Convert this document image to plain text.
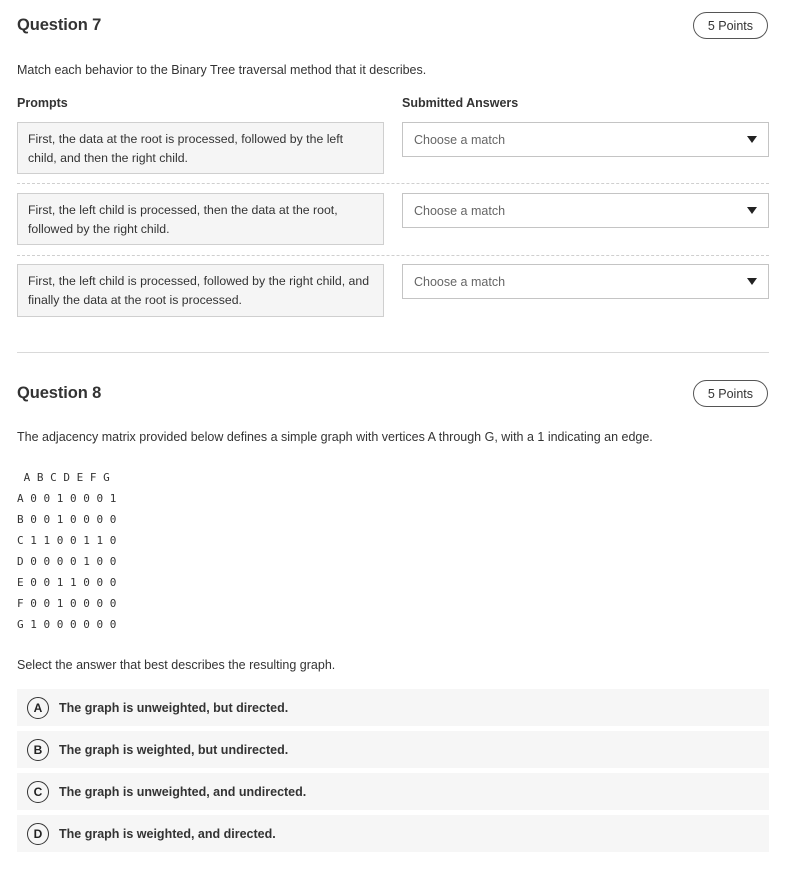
Question 7	5 Points
Match each behavior to the Binary Tree traversal method that it describes.
Prompts	Submitted Answers
First, the data at the root is processed, followed by the left child, and then the right child.
Choose a match
First, the left child is processed, then the data at the root, followed by the right child.
Choose a match
First, the left child is processed, followed by the right child, and finally the data at the root is processed.
Choose a match
Question 8	5 Points
The adjacency matrix provided below defines a simple graph with vertices A through G, with a 1 indicating an edge.
A B C D E F G
A 0 0 1 0 0 0 1
B 0 0 1 0 0 0 0
C 1 1 0 0 1 1 0
D 0 0 0 0 1 0 0
E 0 0 1 1 0 0 0
F 0 0 1 0 0 0 0
G 1 0 0 0 0 0 0
Select the answer that best describes the resulting graph.
A	The graph is unweighted, but directed.
B	The graph is weighted, but undirected.
C	The graph is unweighted, and undirected.
D	The graph is weighted, and directed.
